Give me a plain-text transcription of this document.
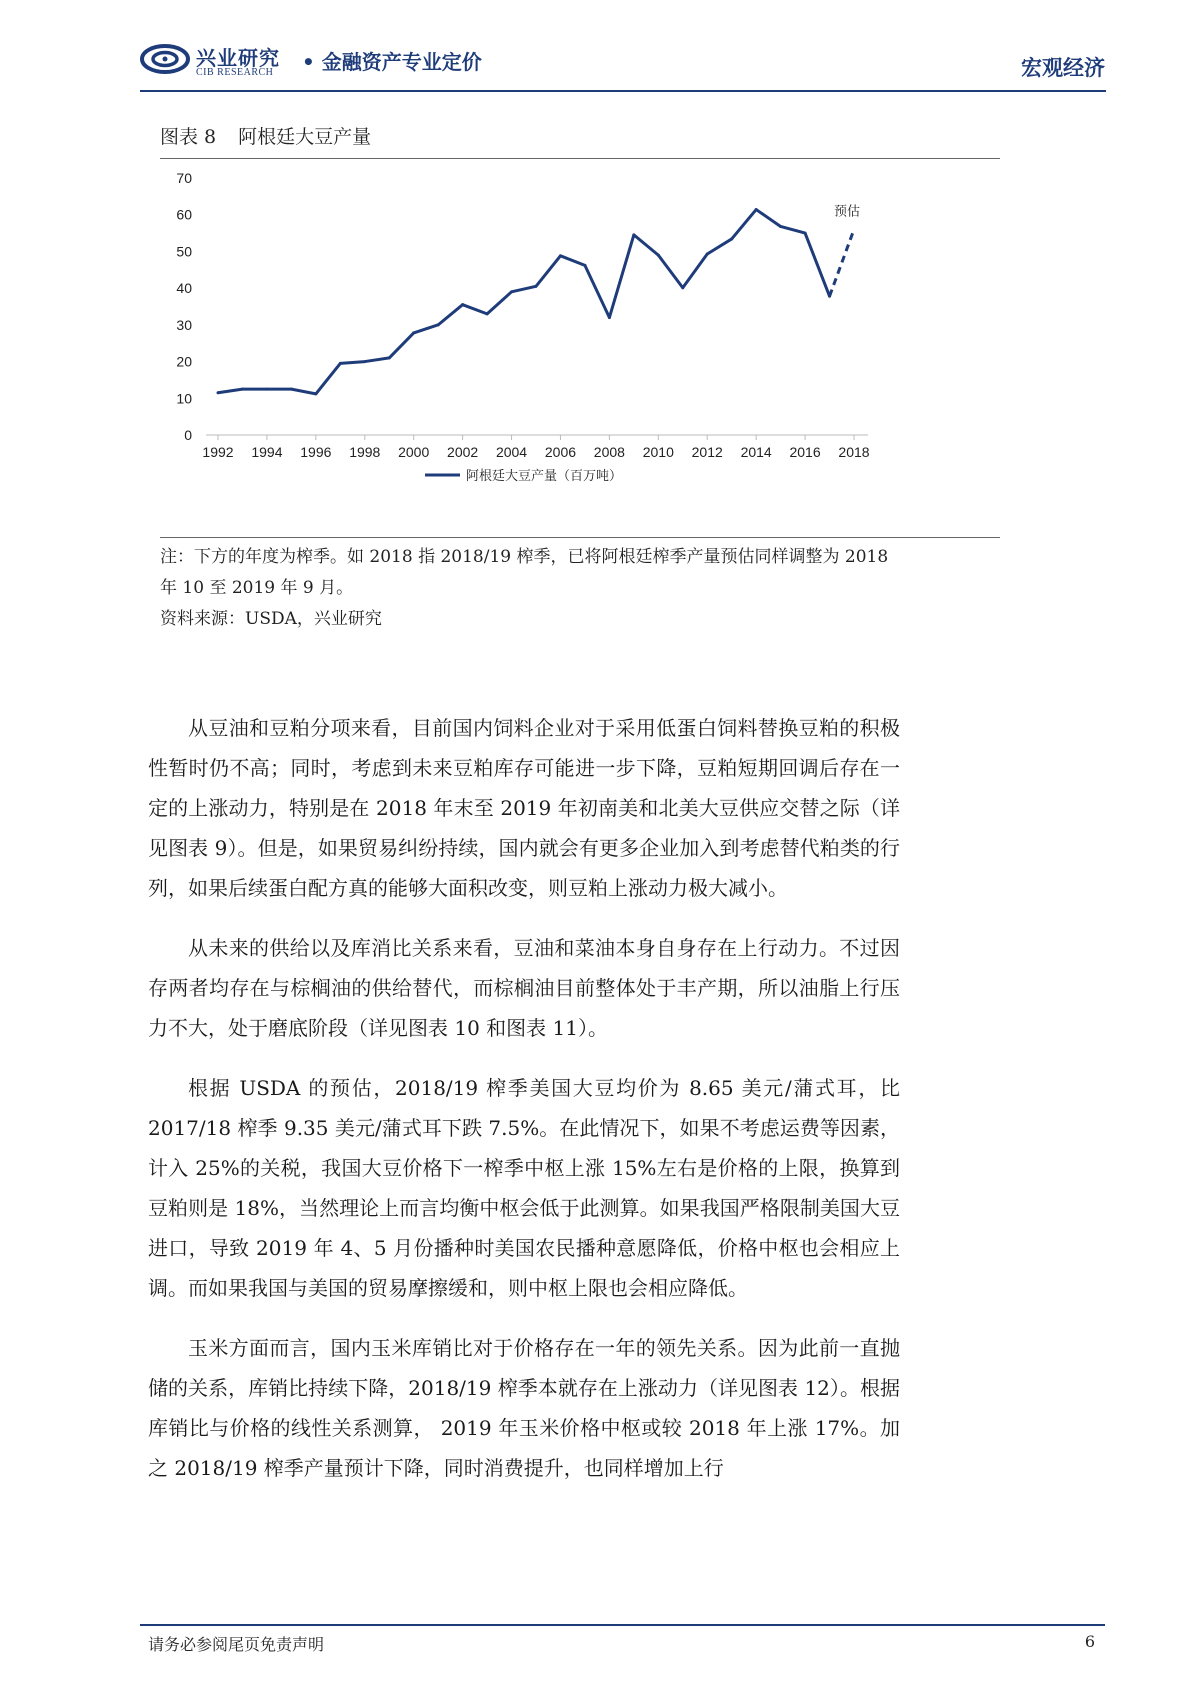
兴业研究
CIB RESEARCH • 金融资产专业定价	宏观经济
图表 8 阿根廷大豆产量
0
10
20
30
40
50
60
70
1992 1994 1996 1998 2000 2002 2004 2006 2008 2010 2012 2014 2016 2018
预估
阿根廷大豆产量（百万吨）
注：下方的年度为榨季。如 2018 指 2018/19 榨季，已将阿根廷榨季产量预估同样调整为 2018
年 10 至 2019 年 9 月。
资料来源：USDA，兴业研究

从豆油和豆粕分项来看，目前国内饲料企业对于采用低蛋白饲料替换豆粕的积极性暂时仍不高；同时，考虑到未来豆粕库存可能进一步下降，豆粕短期回调后存在一定的上涨动力，特别是在 2018 年末至 2019 年初南美和北美大豆供应交替之际（详见图表 9）。但是，如果贸易纠纷持续，国内就会有更多企业加入到考虑替代粕类的行列，如果后续蛋白配方真的能够大面积改变，则豆粕上涨动力极大减小。

从未来的供给以及库消比关系来看，豆油和菜油本身自身存在上行动力。不过因存两者均存在与棕榈油的供给替代，而棕榈油目前整体处于丰产期，所以油脂上行压力不大，处于磨底阶段（详见图表 10 和图表 11）。

根据 USDA 的预估，2018/19 榨季美国大豆均价为 8.65 美元/蒲式耳，比 2017/18 榨季 9.35 美元/蒲式耳下跌 7.5%。在此情况下，如果不考虑运费等因素，计入 25%的关税，我国大豆价格下一榨季中枢上涨 15%左右是价格的上限，换算到豆粕则是 18%，当然理论上而言均衡中枢会低于此测算。如果我国严格限制美国大豆进口，导致 2019 年 4、5 月份播种时美国农民播种意愿降低，价格中枢也会相应上调。而如果我国与美国的贸易摩擦缓和，则中枢上限也会相应降低。

玉米方面而言，国内玉米库销比对于价格存在一年的领先关系。因为此前一直抛储的关系，库销比持续下降，2018/19 榨季本就存在上涨动力（详见图表 12）。根据库销比与价格的线性关系测算， 2019 年玉米价格中枢或较 2018 年上涨 17%。加之 2018/19 榨季产量预计下降，同时消费提升，也同样增加上行

请务必参阅尾页免责声明	6
